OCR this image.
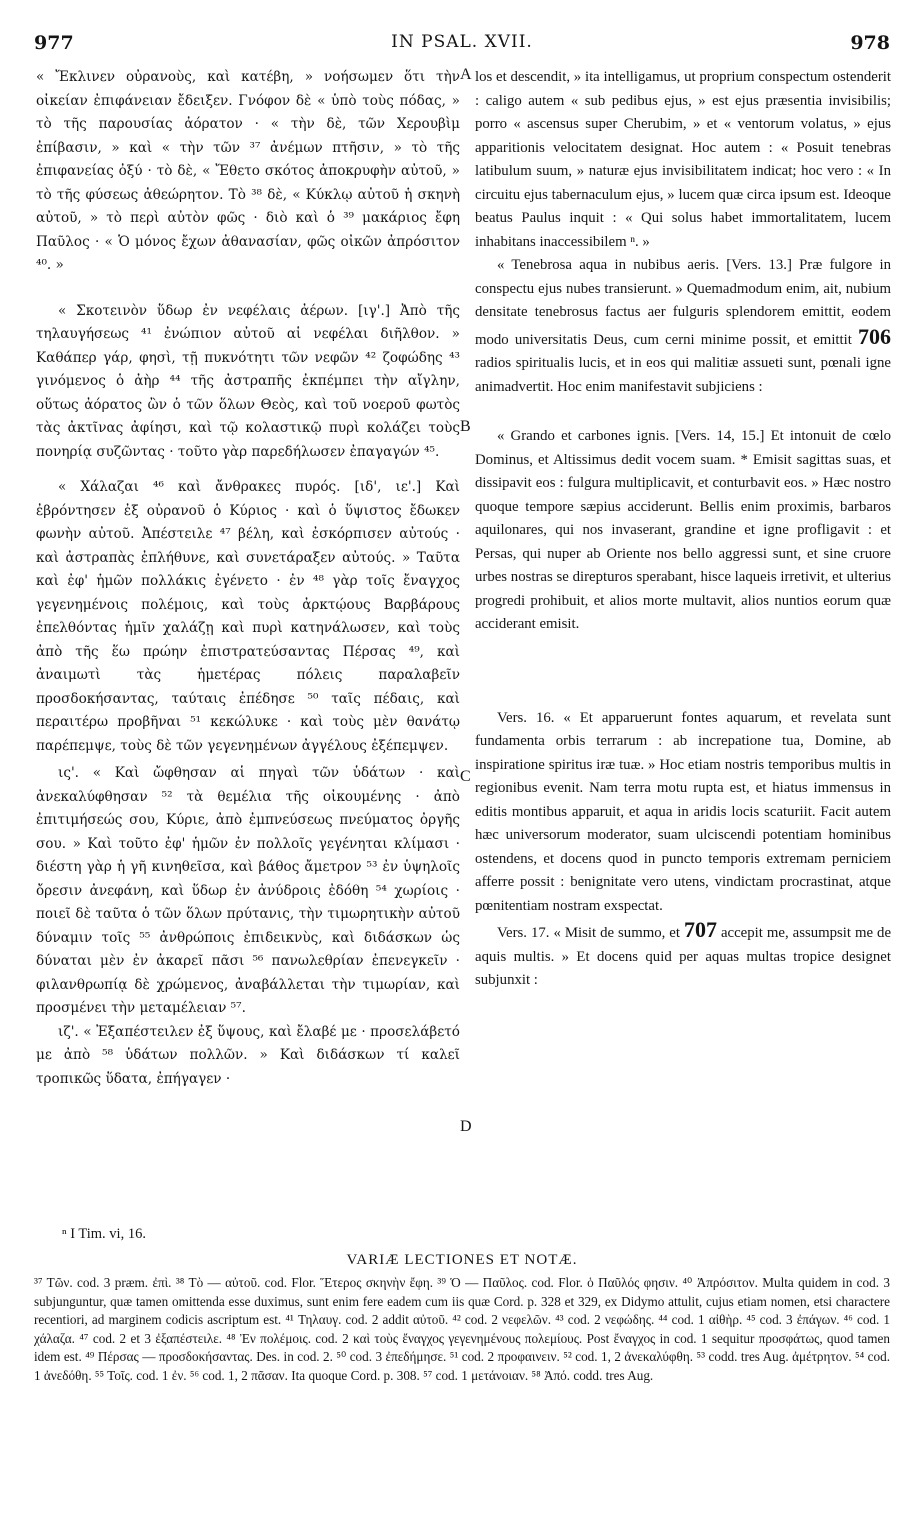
977	IN PSAL. XVII.	978

« Ἔκλινεν οὐρανοὺς, καὶ κατέβη, » νοήσωμεν ὅτι τὴν οἰκείαν ἐπιφάνειαν ἔδειξεν. Γνόφον δὲ « ὑπὸ τοὺς πόδας, » τὸ τῆς παρουσίας ἀόρατον · « τὴν δὲ, τῶν Χερουβὶμ ἐπίβασιν, » καὶ « τὴν τῶν ³⁷ ἀνέμων πτῆσιν, » τὸ τῆς ἐπιφανείας ὀξύ · τὸ δὲ, « Ἔθετο σκότος ἀποκρυφὴν αὐτοῦ, » τὸ τῆς φύσεως ἀθεώρητον. Τὸ ³⁸ δὲ, « Κύκλῳ αὐτοῦ ἡ σκηνὴ αὐτοῦ, » τὸ περὶ αὐτὸν φῶς · διὸ καὶ ὁ ³⁹ μακάριος ἔφη Παῦλος · « Ὁ μόνος ἔχων ἀθανασίαν, φῶς οἰκῶν ἀπρόσιτον ⁴⁰. »

« Σκοτεινὸν ὕδωρ ἐν νεφέλαις ἀέρων. [ιγ'.] Ἀπὸ τῆς τηλαυγήσεως ⁴¹ ἐνώπιον αὐτοῦ αἱ νεφέλαι διῆλθον. » Καθάπερ γάρ, φησὶ, τῇ πυκνότητι τῶν νεφῶν ⁴² ζοφώδης ⁴³ γινόμενος ὁ ἀὴρ ⁴⁴ τῆς ἀστραπῆς ἐκπέμπει τὴν αἴγλην, οὕτως ἀόρατος ὢν ὁ τῶν ὅλων Θεὸς, καὶ τοῦ νοεροῦ φωτὸς τὰς ἀκτῖνας ἀφίησι, καὶ τῷ κολαστικῷ πυρὶ κολάζει τοὺς πονηρίᾳ συζῶντας · τοῦτο γὰρ παρεδήλωσεν ἐπαγαγών ⁴⁵.

« Χάλαζαι ⁴⁶ καὶ ἄνθρακες πυρός. [ιδ', ιε'.] Καὶ ἐβρόντησεν ἐξ οὐρανοῦ ὁ Κύριος · καὶ ὁ ὕψιστος ἔδωκεν φωνὴν αὐτοῦ. Ἀπέστειλε ⁴⁷ βέλη, καὶ ἐσκόρπισεν αὐτούς · καὶ ἀστραπὰς ἐπλήθυνε, καὶ συνετάραξεν αὐτούς. » Ταῦτα καὶ ἐφ' ἡμῶν πολλάκις ἐγένετο · ἐν ⁴⁸ γὰρ τοῖς ἔναγχος γεγενημένοις πολέμοις, καὶ τοὺς ἀρκτῴους Βαρβάρους ἐπελθόντας ἡμῖν χαλάζῃ καὶ πυρὶ κατηνάλωσεν, καὶ τοὺς ἀπὸ τῆς ἕω πρώην ἐπιστρατεύσαντας Πέρσας ⁴⁹, καὶ ἀναιμωτὶ τὰς ἡμετέρας πόλεις παραλαβεῖν προσδοκήσαντας, ταύταις ἐπέδησε ⁵⁰ ταῖς πέδαις, καὶ περαιτέρω προβῆναι ⁵¹ κεκώλυκε · καὶ τοὺς μὲν θανάτῳ παρέπεμψε, τοὺς δὲ τῶν γεγενημένων ἀγγέλους ἐξέπεμψεν.

ις'. « Καὶ ὤφθησαν αἱ πηγαὶ τῶν ὑδάτων · καὶ ἀνεκαλύφθησαν ⁵² τὰ θεμέλια τῆς οἰκουμένης · ἀπὸ ἐπιτιμήσεώς σου, Κύριε, ἀπὸ ἐμπνεύσεως πνεύματος ὀργῆς σου. » Καὶ τοῦτο ἐφ' ἡμῶν ἐν πολλοῖς γεγένηται κλίμασι · διέστη γὰρ ἡ γῆ κινηθεῖσα, καὶ βάθος ἄμετρον ⁵³ ἐν ὑψηλοῖς ὄρεσιν ἀνεφάνη, καὶ ὕδωρ ἐν ἀνύδροις ἐδόθη ⁵⁴ χωρίοις · ποιεῖ δὲ ταῦτα ὁ τῶν ὅλων πρύτανις, τὴν τιμωρητικὴν αὐτοῦ δύναμιν τοῖς ⁵⁵ ἀνθρώποις ἐπιδεικνὺς, καὶ διδάσκων ὡς δύναται μὲν ἐν ἀκαρεῖ πᾶσι ⁵⁶ πανωλεθρίαν ἐπενεγκεῖν · φιλανθρωπίᾳ δὲ χρώμενος, ἀναβάλλεται τὴν τιμωρίαν, καὶ προσμένει τὴν μεταμέλειαν ⁵⁷.

ιζ'. « Ἐξαπέστειλεν ἐξ ὕψους, καὶ ἔλαβέ με · προσελάβετό με ἀπὸ ⁵⁸ ὑδάτων πολλῶν. » Καὶ διδάσκων τί καλεῖ τροπικῶς ὕδατα, ἐπήγαγεν ·

A
B
C
D

los et descendit, » ita intelligamus, ut proprium conspectum ostenderit : caligo autem « sub pedibus ejus, » est ejus præsentia invisibilis; porro « ascensus super Cherubim, » et « ventorum volatus, » ejus apparitionis velocitatem designat. Hoc autem : « Posuit tenebras latibulum suum, » naturæ ejus invisibilitatem indicat; hoc vero : « In circuitu ejus tabernaculum ejus, » lucem quæ circa ipsum est. Ideoque beatus Paulus inquit : « Qui solus habet immortalitatem, lucem inhabitans inaccessibilem ⁿ. »

« Tenebrosa aqua in nubibus aeris. [Vers. 13.] Præ fulgore in conspectu ejus nubes transierunt. » Quemadmodum enim, ait, nubium densitate tenebrosus factus aer fulguris splendorem emittit, eodem modo universitatis Deus, cum cerni minime possit, et emittit 706 radios spiritualis lucis, et in eos qui malitiæ assueti sunt, pœnali igne animadvertit. Hoc enim manifestavit subjiciens :

« Grando et carbones ignis. [Vers. 14, 15.] Et intonuit de cœlo Dominus, et Altissimus dedit vocem suam. * Emisit sagittas suas, et dissipavit eos : fulgura multiplicavit, et conturbavit eos. » Hæc nostro quoque tempore sæpius acciderunt. Bellis enim proximis, barbaros aquilonares, qui nos invaserant, grandine et igne profligavit : et Persas, qui nuper ab Oriente nos bello aggressi sunt, et sine cruore urbes nostras se direpturos sperabant, hisce laqueis irretivit, et ulterius progredi prohibuit, et alios morte multavit, alios nuntios eorum quæ acciderant emisit.

Vers. 16. « Et apparuerunt fontes aquarum, et revelata sunt fundamenta orbis terrarum : ab increpatione tua, Domine, ab inspiratione spiritus iræ tuæ. » Hoc etiam nostris temporibus multis in regionibus evenit. Nam terra motu rupta est, et hiatus immensus in editis montibus apparuit, et aqua in aridis locis scaturiit. Facit autem hæc universorum moderator, suam ulciscendi potentiam hominibus ostendens, et docens quod in puncto temporis extremam perniciem afferre possit : benignitate vero utens, vindictam procrastinat, atque pœnitentiam nostram exspectat.

Vers. 17. « Misit de summo, et 707 accepit me, assumpsit me de aquis multis. » Et docens quid per aquas multas tropice designet subjunxit :

ⁿ I Tim. vi, 16.
VARIÆ LECTIONES ET NOTÆ.

³⁷ Τῶν. cod. 3 præm. ἐπὶ. ³⁸ Τὸ — αὐτοῦ. cod. Flor. Ἕτερος σκηνὴν ἔφη. ³⁹ Ὁ — Παῦλος. cod. Flor. ὁ Παῦλός φησιν. ⁴⁰ Ἀπρόσιτον. Multa quidem in cod. 3 subjunguntur, quæ tamen omittenda esse duximus, sunt enim fere eadem cum iis quæ Cord. p. 328 et 329, ex Didymo attulit, cujus etiam nomen, etsi charactere recentiori, ad marginem codicis ascriptum est. ⁴¹ Τηλαυγ. cod. 2 addit αὐτοῦ. ⁴² cod. 2 νεφελῶν. ⁴³ cod. 2 νεφώδης. ⁴⁴ cod. 1 αἰθὴρ. ⁴⁵ cod. 3 ἐπάγων. ⁴⁶ cod. 1 χάλαζα. ⁴⁷ cod. 2 et 3 ἐξαπέστειλε. ⁴⁸ Ἐν πολέμοις. cod. 2 καὶ τοὺς ἔναγχος γεγενημένους πολεμίους. Post ἔναγχος in cod. 1 sequitur προσφάτως, quod tamen idem est. ⁴⁹ Πέρσας — προσδοκήσαντας. Des. in cod. 2. ⁵⁰ cod. 3 ἐπεδήμησε. ⁵¹ cod. 2 προφαινειν. ⁵² cod. 1, 2 ἀνεκαλύφθη. ⁵³ codd. tres Aug. ἀμέτρητον. ⁵⁴ cod. 1 ἀνεδόθη. ⁵⁵ Τοῖς. cod. 1 ἐν. ⁵⁶ cod. 1, 2 πᾶσαν. Ita quoque Cord. p. 308. ⁵⁷ cod. 1 μετάνοιαν. ⁵⁸ Ἀπό. codd. tres Aug.
